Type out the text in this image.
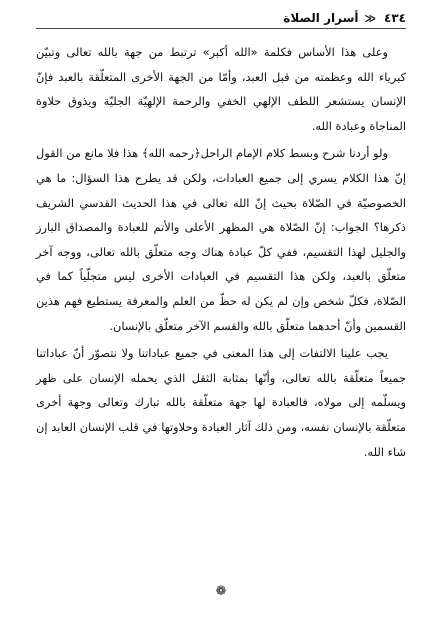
٤٣٤
≪
أسرار الصلاة

وعلى هذا الأساس فكلمة «الله أكبر» ترتبط من جهة بالله تعالى وتبيّن كبرياء الله وعظمته من قبل العبد، وأمّا من الجهة الأخرى المتعلّقة بالعبد فإنّ الإنسان يستشعر اللطف الإلهي الخفي والرحمة الإلهيّة الجليّة ويذوق حلاوة المناجاة وعبادة الله.

ولو أردنا شرح وبسط كلام الإمام الراحل﴿رحمه الله﴾ هذا فلا مانع من القول إنّ هذا الكلام يسري إلى جميع العبادات، ولكن قد يطرح هذا السؤال: ما هي الخصوصيّة في الصّلاة بحيث إنّ الله تعالى في هذا الحديث القدسي الشريف ذكرها؟ الجواب: إنّ الصّلاة هي المظهر الأعلى والأتم للعبادة والمصداق البارز والجليل لهذا التقسيم، ففي كلّ عبادة هناك وجه متعلّق بالله تعالى، ووجه آخر متعلّق بالعبد، ولكن هذا التقسيم في العبادات الأخرى ليس متجلّياً كما في الصّلاة، فكلّ شخص وإن لم يكن له حظّ من العلم والمعرفة يستطيع فهم هذين القسمين وأنّ أحدهما متعلّق بالله والقسم الآخر متعلّق بالإنسان.

يجب علينا الالتفات إلى هذا المعنى في جميع عباداتنا ولا نتصوّر أنّ عباداتنا جميعاً متعلّقة بالله تعالى، وأنّها بمثابة الثقل الذي يحمله الإنسان على ظهر ويسلّمه إلى مولاه، فالعبادة لها جهة متعلّقة بالله تبارك وتعالى وجهة أخرى متعلّقة بالإنسان نفسه، ومن ذلك آثار العبادة وحلاوتها في قلب الإنسان العابد إن شاء الله.

❁
